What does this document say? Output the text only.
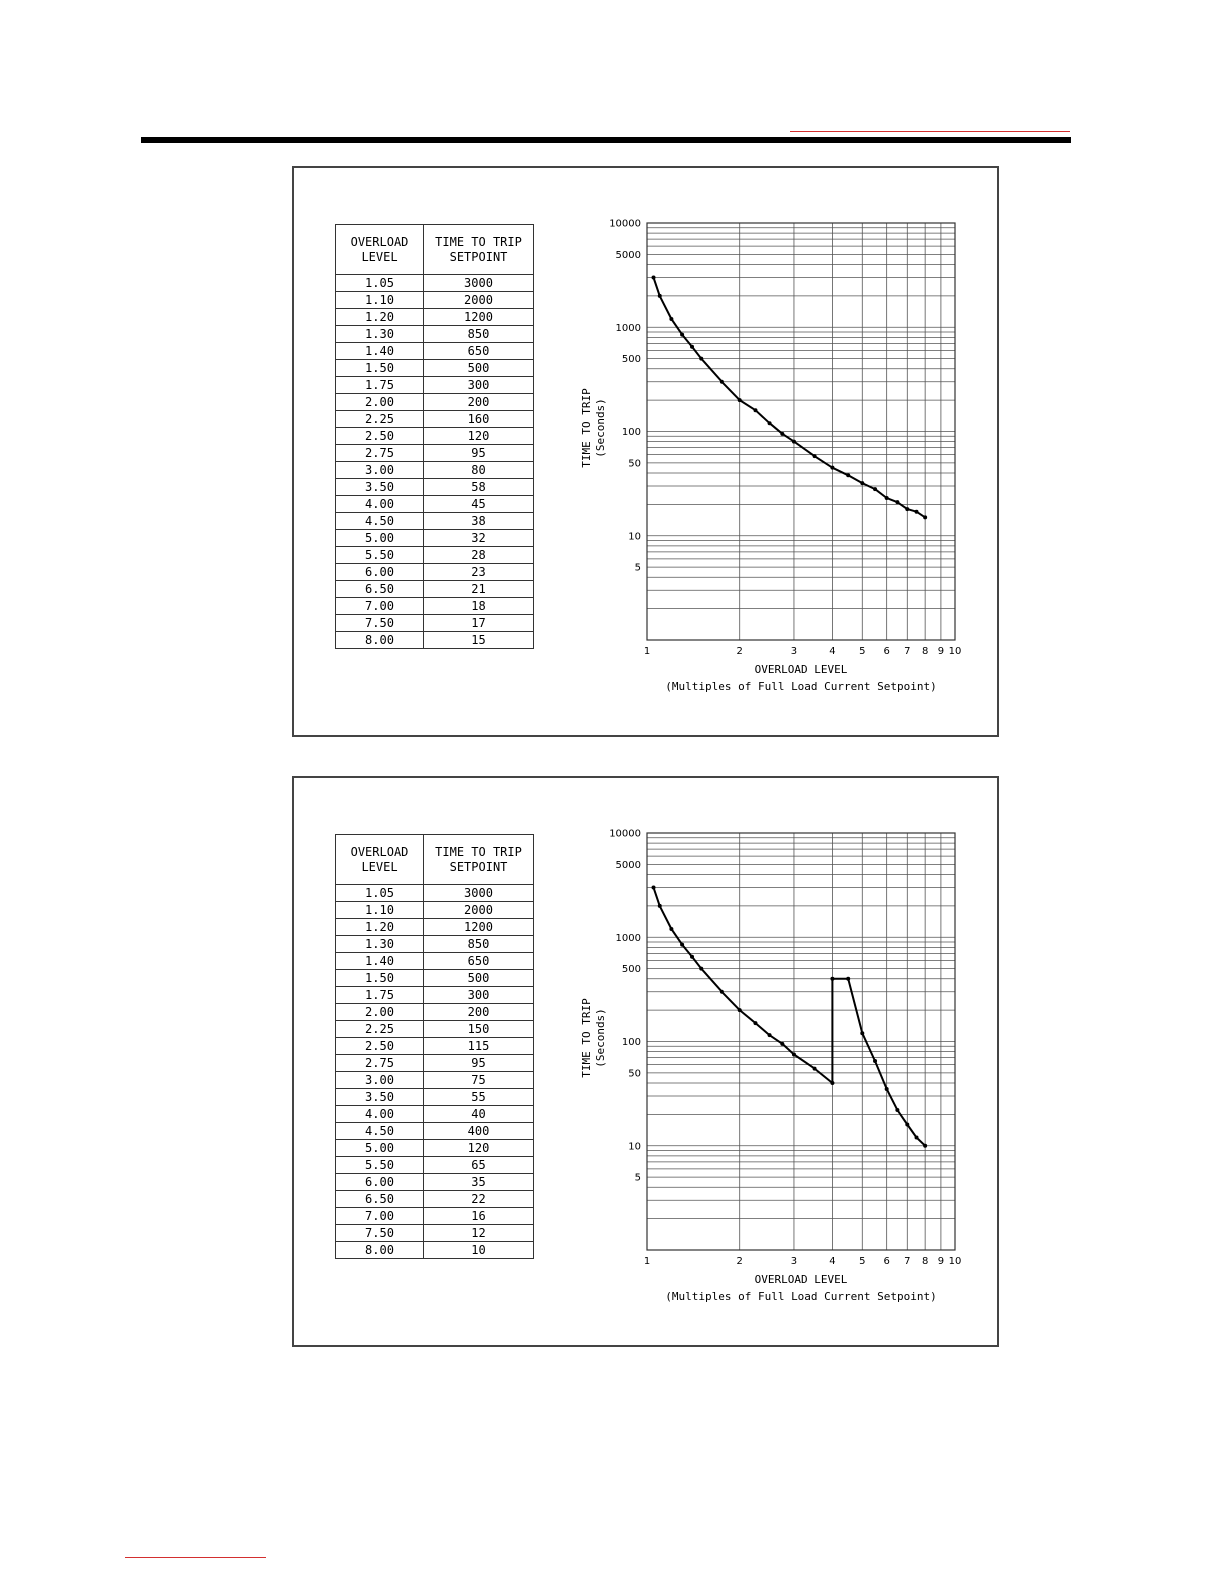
OVERLOAD LEVEL	TIME TO TRIP SETPOINT
1.05	3000
1.10	2000
1.20	1200
1.30	850
1.40	650
1.50	500
1.75	300
2.00	200
2.25	160
2.50	120
2.75	95
3.00	80
3.50	58
4.00	45
4.50	38
5.00	32
5.50	28
6.00	23
6.50	21
7.00	18
7.50	17
8.00	15
10000
5000
1000
500
100
50
10
5
1	2	3	4 5 6 7 8 9 10
OVERLOAD LEVEL
(Multiples of Full Load Current Setpoint)
TIME TO TRIP (Seconds)
OVERLOAD LEVEL	TIME TO TRIP SETPOINT
1.05	3000
1.10	2000
1.20	1200
1.30	850
1.40	650
1.50	500
1.75	300
2.00	200
2.25	150
2.50	115
2.75	95
3.00	75
3.50	55
4.00	40
4.50	400
5.00	120
5.50	65
6.00	35
6.50	22
7.00	16
7.50	12
8.00	10
10000
5000
1000
500
100
50
10
5
1	2	3	4 5 6 7 8 9 10
OVERLOAD LEVEL
(Multiples of Full Load Current Setpoint)
TIME TO TRIP (Seconds)
